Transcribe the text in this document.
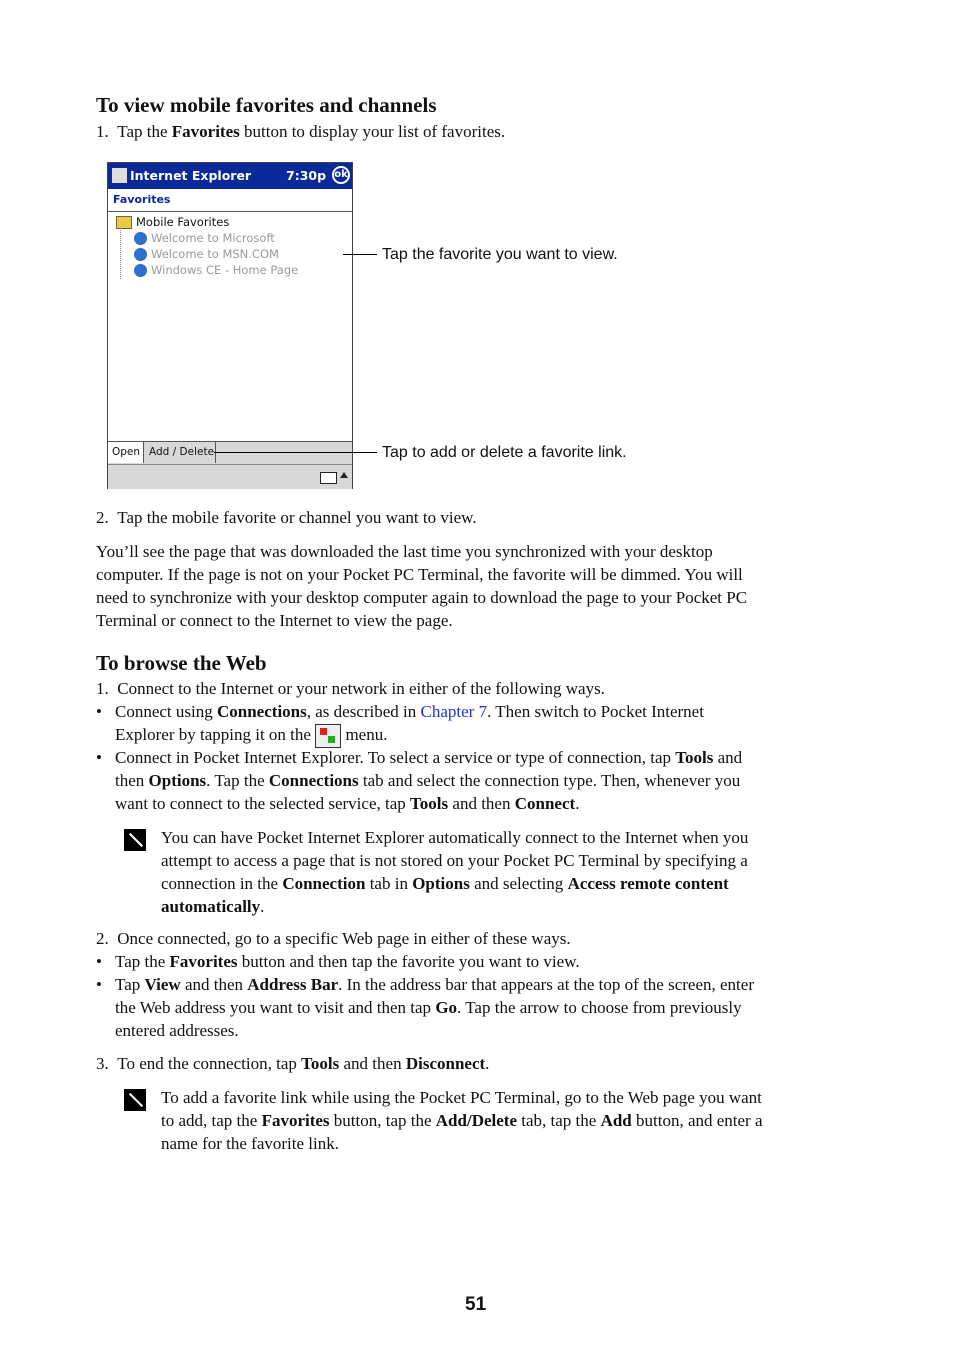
To view mobile favorites and channels
1. Tap the Favorites button to display your list of favorites.
Internet Explorer	7:30p ok
Favorites
Mobile Favorites
Welcome to Microsoft
Welcome to MSN.COM
Windows CE - Home Page
Open Add / Delete
Tap the favorite you want to view.
Tap to add or delete a favorite link.
2. Tap the mobile favorite or channel you want to view.
You’ll see the page that was downloaded the last time you synchronized with your desktop
computer. If the page is not on your Pocket PC Terminal, the favorite will be dimmed. You will
need to synchronize with your desktop computer again to download the page to your Pocket PC
Terminal or connect to the Internet to view the page.
To browse the Web
1. Connect to the Internet or your network in either of the following ways.
• Connect using Connections, as described in Chapter 7. Then switch to Pocket Internet
Explorer by tapping it on the  menu.
• Connect in Pocket Internet Explorer. To select a service or type of connection, tap Tools and
then Options. Tap the Connections tab and select the connection type. Then, whenever you
want to connect to the selected service, tap Tools and then Connect.
You can have Pocket Internet Explorer automatically connect to the Internet when you
attempt to access a page that is not stored on your Pocket PC Terminal by specifying a
connection in the Connection tab in Options and selecting Access remote content
automatically.
2. Once connected, go to a specific Web page in either of these ways.
• Tap the Favorites button and then tap the favorite you want to view.
• Tap View and then Address Bar. In the address bar that appears at the top of the screen, enter
the Web address you want to visit and then tap Go. Tap the arrow to choose from previously
entered addresses.
3. To end the connection, tap Tools and then Disconnect.
To add a favorite link while using the Pocket PC Terminal, go to the Web page you want
to add, tap the Favorites button, tap the Add/Delete tab, tap the Add button, and enter a
name for the favorite link.
51
